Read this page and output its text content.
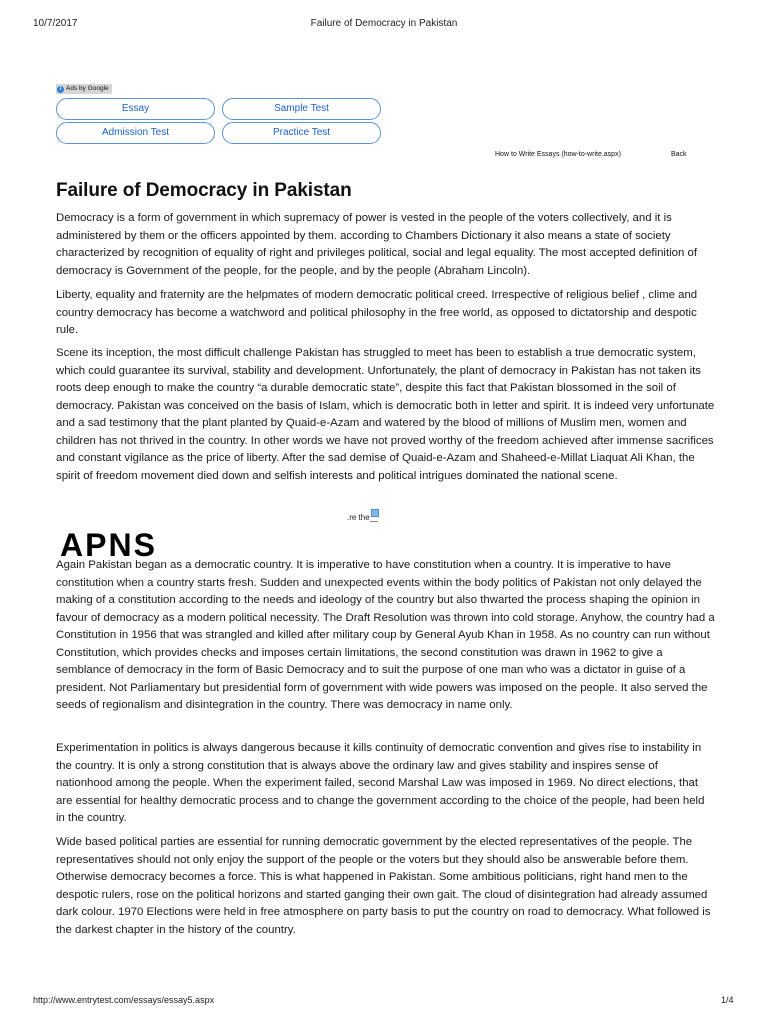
10/7/2017	Failure of Democracy in Pakistan
i Ads by Google
Essay	Sample Test
Admission Test	Practice Test
How to Write Essays (how-to-write.aspx)	Back
Failure of Democracy in Pakistan

Democracy is a form of government in which supremacy of power is vested in the people of the voters collectively, and it is administered by them or the officers appointed by them. according to Chambers Dictionary it also means a state of society characterized by recognition of equality of right and privileges political, social and legal equality. The most accepted definition of democracy is Government of the people, for the people, and by the people (Abraham Lincoln).

Liberty, equality and fraternity are the helpmates of modern democratic political creed. Irrespective of religious belief , clime and country democracy has become a watchword and political philosophy in the free world, as opposed to dictatorship and despotic rule.

Scene its inception, the most difficult challenge Pakistan has struggled to meet has been to establish a true democratic system, which could guarantee its survival, stability and development. Unfortunately, the plant of democracy in Pakistan has not taken its roots deep enough to make the country “a durable democratic state”, despite this fact that Pakistan blossomed in the soil of democracy. Pakistan was conceived on the basis of Islam, which is democratic both in letter and spirit. It is indeed very unfortunate and a sad testimony that the plant planted by Quaid-e-Azam and watered by the blood of millions of Muslim men, women and children has not thrived in the country. In other words we have not proved worthy of the freedom achieved after immense sacrifices and constant vigilance as the price of liberty. After the sad demise of Quaid-e-Azam and Shaheed-e-Millat Liaquat Ali Khan, the spirit of freedom movement died down and selfish interests and political intrigues dominated the national scene.

.re the
APNS

Again Pakistan began as a democratic country. It is imperative to have constitution when a country. It is imperative to have constitution when a country starts fresh. Sudden and unexpected events within the body politics of Pakistan not only delayed the making of a constitution according to the needs and ideology of the country but also thwarted the process shaping the opinion in favour of democracy as a modern political necessity. The Draft Resolution was thrown into cold storage. Anyhow, the country had a Constitution in 1956 that was strangled and killed after military coup by General Ayub Khan in 1958. As no country can run without Constitution, which provides checks and imposes certain limitations, the second constitution was drawn in 1962 to give a semblance of democracy in the form of Basic Democracy and to suit the purpose of one man who was a dictator in guise of a president. Not Parliamentary but presidential form of government with wide powers was imposed on the people. It also served the seeds of regionalism and disintegration in the country. There was democracy in name only.

Experimentation in politics is always dangerous because it kills continuity of democratic convention and gives rise to instability in the country. It is only a strong constitution that is always above the ordinary law and gives stability and inspires sense of nationhood among the people. When the experiment failed, second Marshal Law was imposed in 1969. No direct elections, that are essential for healthy democratic process and to change the government according to the choice of the people, had been held in the country.

Wide based political parties are essential for running democratic government by the elected representatives of the people. The representatives should not only enjoy the support of the people or the voters but they should also be answerable before them. Otherwise democracy becomes a force. This is what happened in Pakistan. Some ambitious politicians, right hand men to the despotic rulers, rose on the political horizons and started ganging their own gait. The cloud of disintegration had already assumed dark colour. 1970 Elections were held in free atmosphere on party basis to put the country on road to democracy. What followed is the darkest chapter in the history of the country.

http://www.entrytest.com/essays/essay5.aspx	1/4
